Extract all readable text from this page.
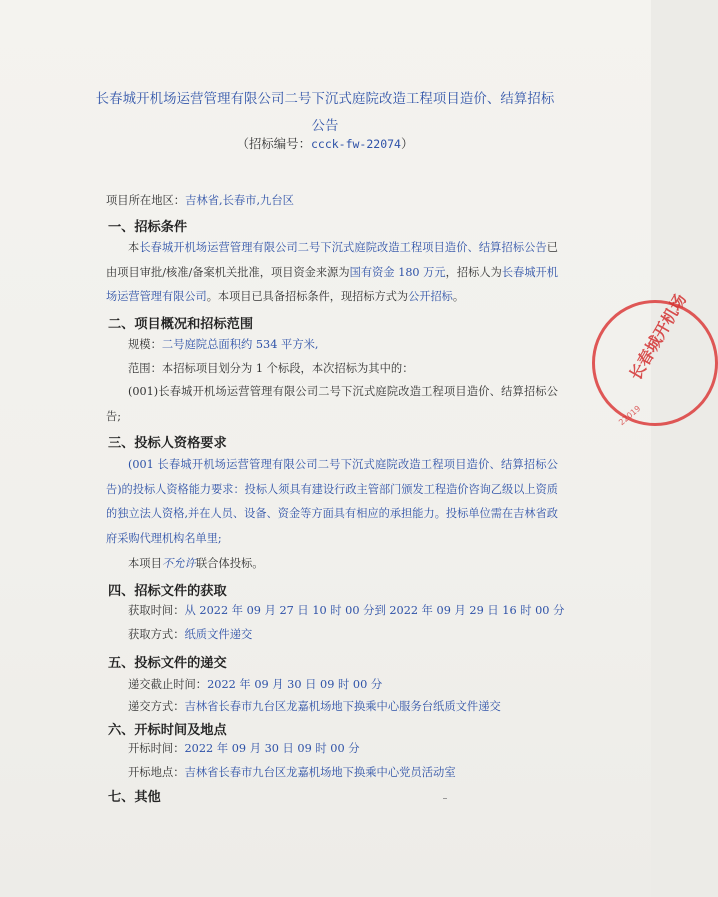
长春城开机场运营管理有限公司二号下沉式庭院改造工程项目造价、结算招标公告
（招标编号：ccck-fw-22074）
项目所在地区：吉林省,长春市,九台区
一、招标条件
本长春城开机场运营管理有限公司二号下沉式庭院改造工程项目造价、结算招标公告已由项目审批/核准/备案机关批准，项目资金来源为国有资金 180 万元，招标人为长春城开机场运营管理有限公司。本项目已具备招标条件，现招标方式为公开招标。
二、项目概况和招标范围
规模：二号庭院总面积约 534 平方米,
范围：本招标项目划分为 1 个标段，本次招标为其中的：
(001)长春城开机场运营管理有限公司二号下沉式庭院改造工程项目造价、结算招标公告;
三、投标人资格要求
(001 长春城开机场运营管理有限公司二号下沉式庭院改造工程项目造价、结算招标公告)的投标人资格能力要求：投标人须具有建设行政主管部门颁发工程造价咨询乙级以上资质的独立法人资格,并在人员、设备、资金等方面具有相应的承担能力。投标单位需在吉林省政府采购代理机构名单里;
本项目不允许联合体投标。
四、招标文件的获取
获取时间：从 2022 年 09 月 27 日 10 时 00 分到 2022 年 09 月 29 日 16 时 00 分
获取方式：纸质文件递交
五、投标文件的递交
递交截止时间：2022 年 09 月 30 日 09 时 00 分
递交方式：吉林省长春市九台区龙嘉机场地下换乘中心服务台纸质文件递交
六、开标时间及地点
开标时间：2022 年 09 月 30 日 09 时 00 分
开标地点：吉林省长春市九台区龙嘉机场地下换乘中心党员活动室
七、其他
长春城开机场
22019
